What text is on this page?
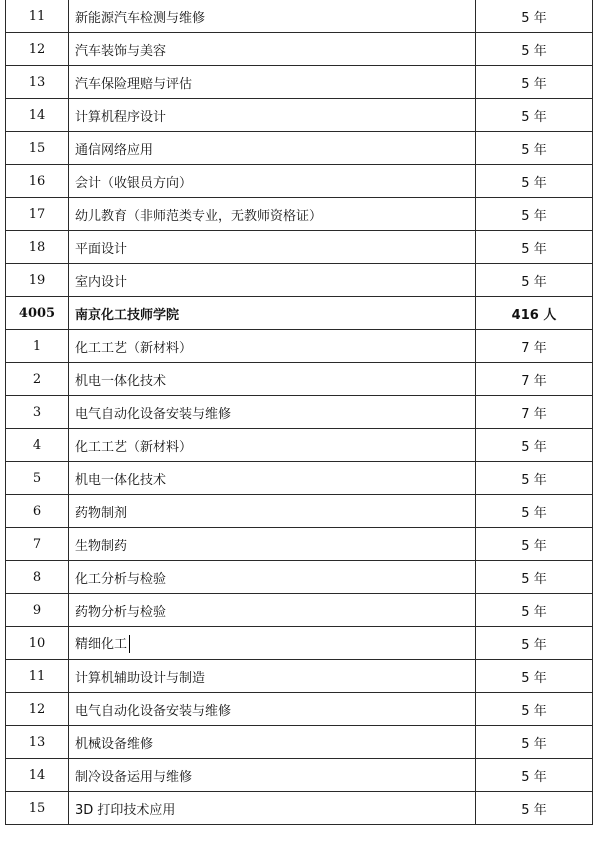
11	新能源汽车检测与维修	5 年
12	汽车装饰与美容	5 年
13	汽车保险理赔与评估	5 年
14	计算机程序设计	5 年
15	通信网络应用	5 年
16	会计（收银员方向）	5 年
17	幼儿教育（非师范类专业，无教师资格证）	5 年
18	平面设计	5 年
19	室内设计	5 年
4005	南京化工技师学院	416 人
1	化工工艺（新材料）	7 年
2	机电一体化技术	7 年
3	电气自动化设备安装与维修	7 年
4	化工工艺（新材料）	5 年
5	机电一体化技术	5 年
6	药物制剂	5 年
7	生物制药	5 年
8	化工分析与检验	5 年
9	药物分析与检验	5 年
10	精细化工	5 年
11	计算机辅助设计与制造	5 年
12	电气自动化设备安装与维修	5 年
13	机械设备维修	5 年
14	制冷设备运用与维修	5 年
15	3D 打印技术应用	5 年
